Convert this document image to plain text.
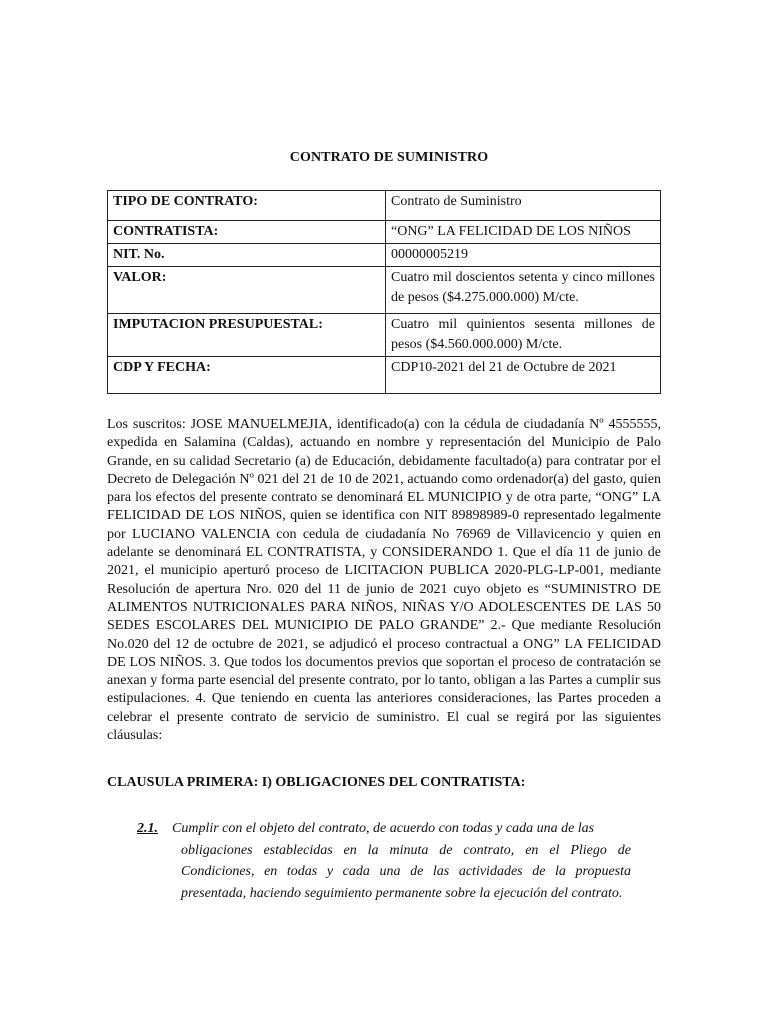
CONTRATO DE SUMINISTRO
TIPO DE CONTRATO:	Contrato de Suministro
CONTRATISTA:	“ONG” LA FELICIDAD DE LOS NIÑOS
NIT. No.	00000005219
VALOR:	Cuatro mil doscientos setenta y cinco millones de pesos ($4.275.000.000) M/cte.
IMPUTACION PRESUPUESTAL:	Cuatro mil quinientos sesenta millones de pesos ($4.560.000.000) M/cte.
CDP Y FECHA:	CDP10-2021 del 21 de Octubre de 2021
Los suscritos: JOSE MANUELMEJIA, identificado(a) con la cédula de ciudadanía Nº 4555555, expedida en Salamina (Caldas), actuando en nombre y representación del Municipio de Palo Grande, en su calidad Secretario (a) de Educación, debidamente facultado(a) para contratar por el Decreto de Delegación Nº 021 del 21 de 10 de 2021, actuando como ordenador(a) del gasto, quien para los efectos del presente contrato se denominará EL MUNICIPIO y de otra parte, “ONG” LA FELICIDAD DE LOS NIÑOS, quien se identifica con NIT 89898989-0 representado legalmente por LUCIANO VALENCIA con cedula de ciudadanía No 76969 de Villavicencio y quien en adelante se denominará EL CONTRATISTA, y CONSIDERANDO 1. Que el día 11 de junio de 2021, el municipio aperturó proceso de LICITACION PUBLICA 2020-PLG-LP-001, mediante Resolución de apertura Nro. 020 del 11 de junio de 2021 cuyo objeto es “SUMINISTRO DE ALIMENTOS NUTRICIONALES PARA NIÑOS, NIÑAS Y/O ADOLESCENTES DE LAS 50 SEDES ESCOLARES DEL MUNICIPIO DE PALO GRANDE” 2.- Que mediante Resolución No.020 del 12 de octubre de 2021, se adjudicó el proceso contractual a ONG” LA FELICIDAD DE LOS NIÑOS. 3. Que todos los documentos previos que soportan el proceso de contratación se anexan y forma parte esencial del presente contrato, por lo tanto, obligan a las Partes a cumplir sus estipulaciones. 4. Que teniendo en cuenta las anteriores consideraciones, las Partes proceden a celebrar el presente contrato de servicio de suministro. El cual se regirá por las siguientes cláusulas:
CLAUSULA PRIMERA: I) OBLIGACIONES DEL CONTRATISTA:
2.1. Cumplir con el objeto del contrato, de acuerdo con todas y cada una de las
obligaciones establecidas en la minuta de contrato, en el Pliego de Condiciones, en todas y cada una de las actividades de la propuesta presentada, haciendo seguimiento permanente sobre la ejecución del contrato.
